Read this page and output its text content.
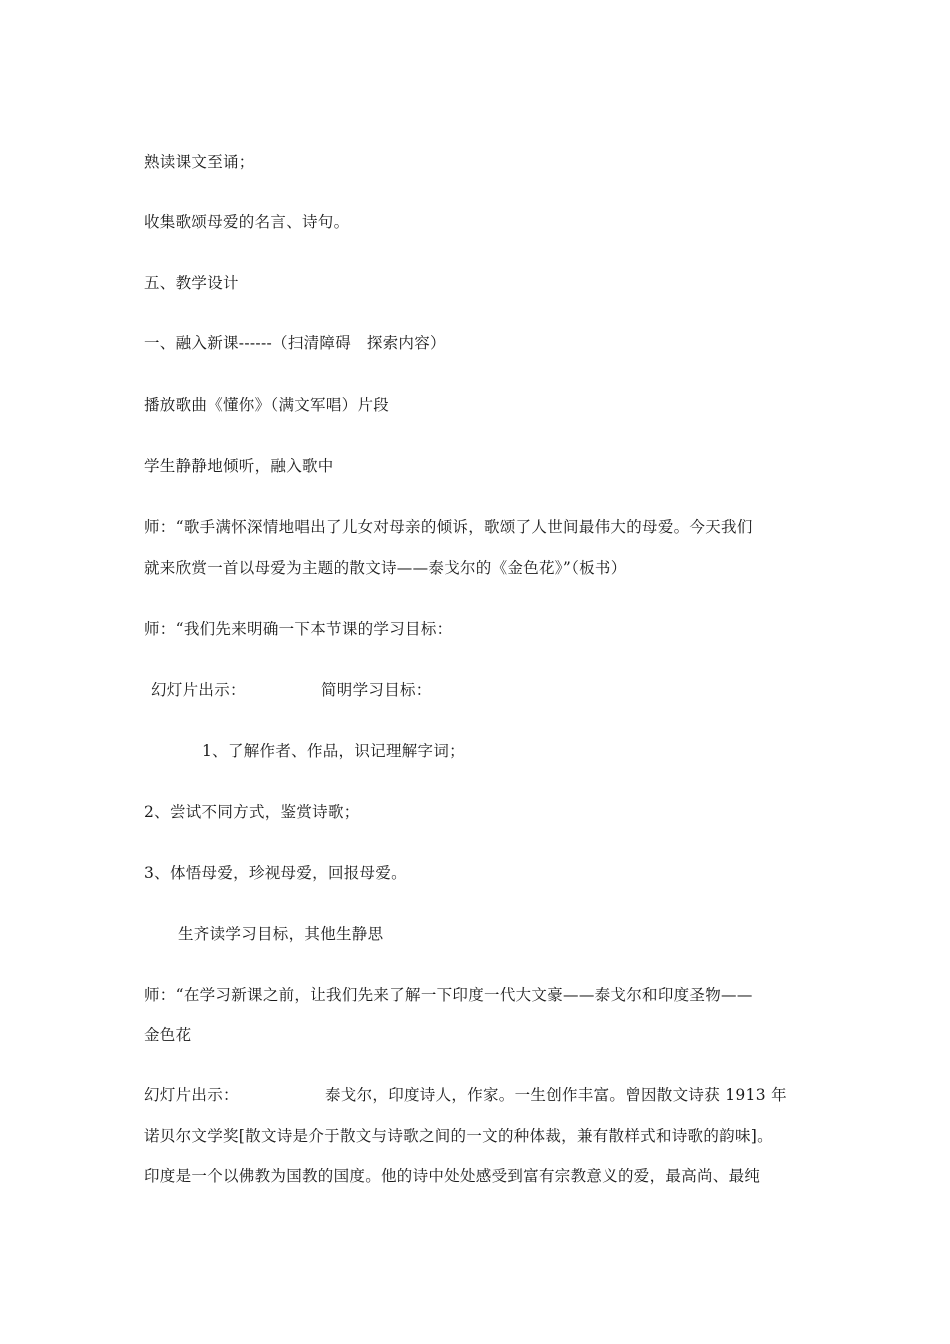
熟读课文至诵；
收集歌颂母爱的名言、诗句。
五、教学设计
一、融入新课------（扫清障碍　探索内容）
播放歌曲《懂你》（满文军唱）片段
学生静静地倾听，融入歌中
师：“歌手满怀深情地唱出了儿女对母亲的倾诉，歌颂了人世间最伟大的母爱。今天我们
就来欣赏一首以母爱为主题的散文诗——泰戈尔的《金色花》”（板书）
师：“我们先来明确一下本节课的学习目标：
幻灯片出示：	简明学习目标：
1、了解作者、作品，识记理解字词；
2、尝试不同方式，鉴赏诗歌；
3、体悟母爱，珍视母爱，回报母爱。
生齐读学习目标，其他生静思
师：“在学习新课之前，让我们先来了解一下印度一代大文豪——泰戈尔和印度圣物——
金色花
幻灯片出示：	泰戈尔，印度诗人，作家。一生创作丰富。曾因散文诗获 1913 年
诺贝尔文学奖[散文诗是介于散文与诗歌之间的一文的种体裁，兼有散样式和诗歌的韵味]。
印度是一个以佛教为国教的国度。他的诗中处处感受到富有宗教意义的爱，最高尚、最纯
